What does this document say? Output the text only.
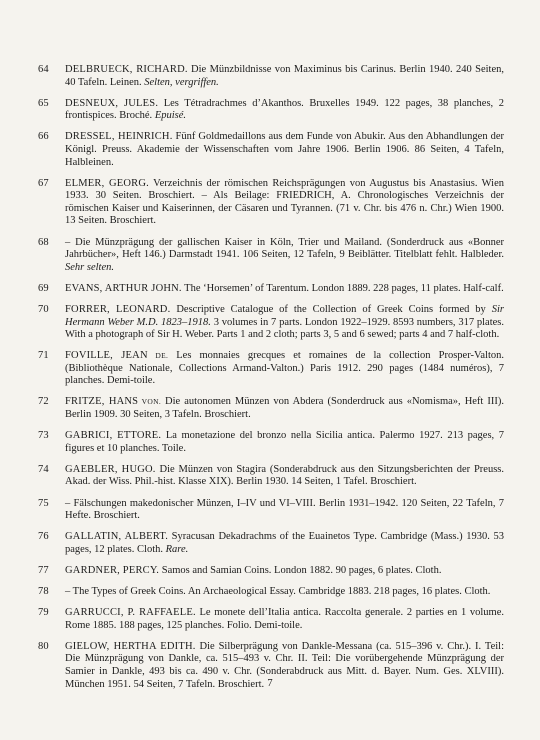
64	DELBRUECK, RICHARD. Die Münzbildnisse von Maximinus bis Carinus. Berlin 1940. 240 Seiten, 40 Tafeln. Leinen. Selten, vergriffen.
65	DESNEUX, JULES. Les Tétradrachmes d’Akanthos. Bruxelles 1949. 122 pages, 38 planches, 2 frontispices. Broché. Epuisé.
66	DRESSEL, HEINRICH. Fünf Goldmedaillons aus dem Funde von Abukir. Aus den Abhandlungen der Königl. Preuss. Akademie der Wissenschaften vom Jahre 1906. Berlin 1906. 86 Seiten, 4 Tafeln, Halbleinen.
67	ELMER, GEORG. Verzeichnis der römischen Reichsprägungen von Augustus bis Anastasius. Wien 1933. 30 Seiten. Broschiert. – Als Beilage: FRIEDRICH, A. Chronologisches Verzeichnis der römischen Kaiser und Kaiserinnen, der Cäsaren und Tyrannen. (71 v. Chr. bis 476 n. Chr.) Wien 1900. 13 Seiten. Broschiert.
68	– Die Münzprägung der gallischen Kaiser in Köln, Trier und Mailand. (Sonderdruck aus «Bonner Jahrbücher», Heft 146.) Darmstadt 1941. 106 Seiten, 12 Tafeln, 9 Beiblätter. Titelblatt fehlt. Halbleder. Sehr selten.
69	EVANS, ARTHUR JOHN. The ‘Horsemen’ of Tarentum. London 1889. 228 pages, 11 plates. Half-calf.
70	FORRER, LEONARD. Descriptive Catalogue of the Collection of Greek Coins formed by Sir Hermann Weber M.D. 1823–1918. 3 volumes in 7 parts. London 1922–1929. 8593 numbers, 317 plates. With a photograph of Sir H. Weber. Parts 1 and 2 cloth; parts 3, 5 and 6 sewed; parts 4 and 7 half-cloth.
71	FOVILLE, JEAN DE. Les monnaies grecques et romaines de la collection Prosper-Valton. (Bibliothèque Nationale, Collections Armand-Valton.) Paris 1912. 290 pages (1484 numéros), 7 planches. Demi-toile.
72	FRITZE, HANS VON. Die autonomen Münzen von Abdera (Sonderdruck aus «Nomisma», Heft III). Berlin 1909. 30 Seiten, 3 Tafeln. Broschiert.
73	GABRICI, ETTORE. La monetazione del bronzo nella Sicilia antica. Palermo 1927. 213 pages, 7 figures et 10 planches. Toile.
74	GAEBLER, HUGO. Die Münzen von Stagira (Sonderabdruck aus den Sitzungsberichten der Preuss. Akad. der Wiss. Phil.-hist. Klasse XIX). Berlin 1930. 14 Seiten, 1 Tafel. Broschiert.
75	– Fälschungen makedonischer Münzen, I–IV und VI–VIII. Berlin 1931–1942. 120 Seiten, 22 Tafeln, 7 Hefte. Broschiert.
76	GALLATIN, ALBERT. Syracusan Dekadrachms of the Euainetos Type. Cambridge (Mass.) 1930. 53 pages, 12 plates. Cloth. Rare.
77	GARDNER, PERCY. Samos and Samian Coins. London 1882. 90 pages, 6 plates. Cloth.
78	– The Types of Greek Coins. An Archaeological Essay. Cambridge 1883. 218 pages, 16 plates. Cloth.
79	GARRUCCI, P. RAFFAELE. Le monete dell’Italia antica. Raccolta generale. 2 parties en 1 volume. Rome 1885. 188 pages, 125 planches. Folio. Demi-toile.
80	GIELOW, HERTHA EDITH. Die Silberprägung von Dankle-Messana (ca. 515–396 v. Chr.). I. Teil: Die Münzprägung von Dankle, ca. 515–493 v. Chr. II. Teil: Die vorübergehende Münzprägung der Samier in Dankle, 493 bis ca. 490 v. Chr. (Sonderabdruck aus Mitt. d. Bayer. Num. Ges. XLVIII). München 1951. 54 Seiten, 7 Tafeln. Broschiert. 7
